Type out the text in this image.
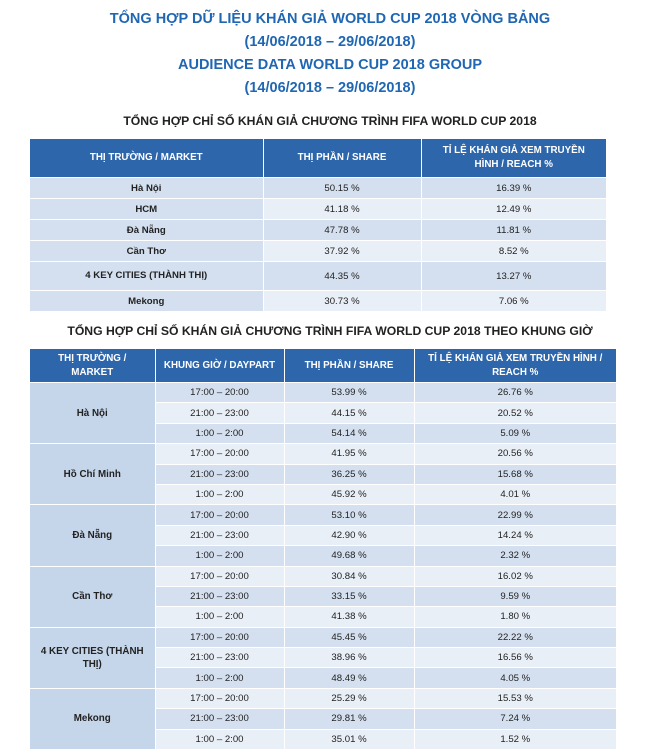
TỔNG HỢP DỮ LIỆU KHÁN GIẢ WORLD CUP 2018 VÒNG BẢNG
(14/06/2018 – 29/06/2018)
AUDIENCE DATA WORLD CUP 2018 GROUP
(14/06/2018 – 29/06/2018)
TỔNG HỢP CHỈ SỐ KHÁN GIẢ CHƯƠNG TRÌNH FIFA WORLD CUP 2018
THỊ TRƯỜNG / MARKET	THỊ PHẦN / SHARE	TỈ LỆ KHÁN GIẢ XEM TRUYỀN HÌNH / REACH %
Hà Nội	50.15 %	16.39 %
HCM	41.18 %	12.49 %
Đà Nẵng	47.78 %	11.81 %
Cần Thơ	37.92 %	8.52 %
4 KEY CITIES (THÀNH THỊ)	44.35 %	13.27 %
Mekong	30.73 %	7.06 %
TỔNG HỢP CHỈ SỐ KHÁN GIẢ CHƯƠNG TRÌNH FIFA WORLD CUP 2018 THEO KHUNG GIỜ
THỊ TRƯỜNG / MARKET	KHUNG GIỜ / DAYPART	THỊ PHẦN / SHARE	TỈ LỆ KHÁN GIẢ XEM TRUYỀN HÌNH / REACH %
Hà Nội	17:00 – 20:00	53.99 %	26.76 %
	21:00 – 23:00	44.15 %	20.52 %
	1:00 – 2:00	54.14 %	5.09 %
Hồ Chí Minh	17:00 – 20:00	41.95 %	20.56 %
	21:00 – 23:00	36.25 %	15.68 %
	1:00 – 2:00	45.92 %	4.01 %
Đà Nẵng	17:00 – 20:00	53.10 %	22.99 %
	21:00 – 23:00	42.90 %	14.24 %
	1:00 – 2:00	49.68 %	2.32 %
Cần Thơ	17:00 – 20:00	30.84 %	16.02 %
	21:00 – 23:00	33.15 %	9.59 %
	1:00 – 2:00	41.38 %	1.80 %
4 KEY CITIES (THÀNH THỊ)	17:00 – 20:00	45.45 %	22.22 %
	21:00 – 23:00	38.96 %	16.56 %
	1:00 – 2:00	48.49 %	4.05 %
Mekong	17:00 – 20:00	25.29 %	15.53 %
	21:00 – 23:00	29.81 %	7.24 %
	1:00 – 2:00	35.01 %	1.52 %
